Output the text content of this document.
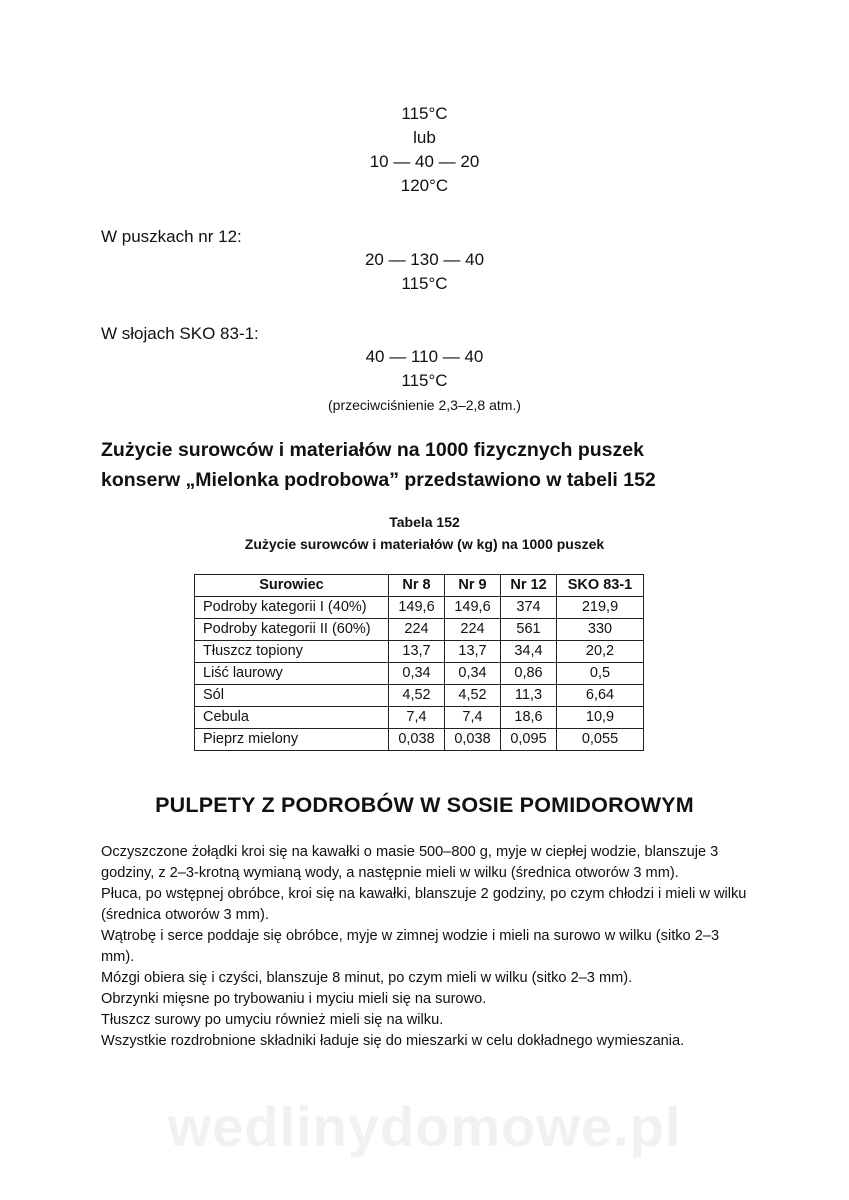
115°C
lub
10 — 40 — 20
120°C
W puszkach nr 12:
20 — 130 — 40
115°C
W słojach SKO 83-1:
40 — 110 — 40
115°C
(przeciwciśnienie 2,3–2,8 atm.)
Zużycie surowców i materiałów na 1000 fizycznych puszek
konserw „Mielonka podrobowa” przedstawiono w tabeli 152
Tabela 152
Zużycie surowców i materiałów (w kg) na 1000 puszek
Surowiec	Nr 8	Nr 9	Nr 12	SKO 83-1
Podroby kategorii I (40%)	149,6	149,6	374	219,9
Podroby kategorii II (60%)	224	224	561	330
Tłuszcz topiony	13,7	13,7	34,4	20,2
Liść laurowy	0,34	0,34	0,86	0,5
Sól	4,52	4,52	11,3	6,64
Cebula	7,4	7,4	18,6	10,9
Pieprz mielony	0,038	0,038	0,095	0,055
PULPETY Z PODROBÓW W SOSIE POMIDOROWYM

Oczyszczone żołądki kroi się na kawałki o masie 500–800 g, myje w ciepłej wodzie, blanszuje 3 godziny, z 2–3-krotną wymianą wody, a następnie mieli w wilku (średnica otworów 3 mm).

Płuca, po wstępnej obróbce, kroi się na kawałki, blanszuje 2 godziny, po czym chłodzi i mieli w wilku (średnica otworów 3 mm).

Wątrobę i serce poddaje się obróbce, myje w zimnej wodzie i mieli na surowo w wilku (sitko 2–3 mm).

Mózgi obiera się i czyści, blanszuje 8 minut, po czym mieli w wilku (sitko 2–3 mm).

Obrzynki mięsne po trybowaniu i myciu mieli się na surowo.

Tłuszcz surowy po umyciu również mieli się na wilku.

Wszystkie rozdrobnione składniki ładuje się do mieszarki w celu dokładnego wymieszania.

wedlinydomowe.pl
